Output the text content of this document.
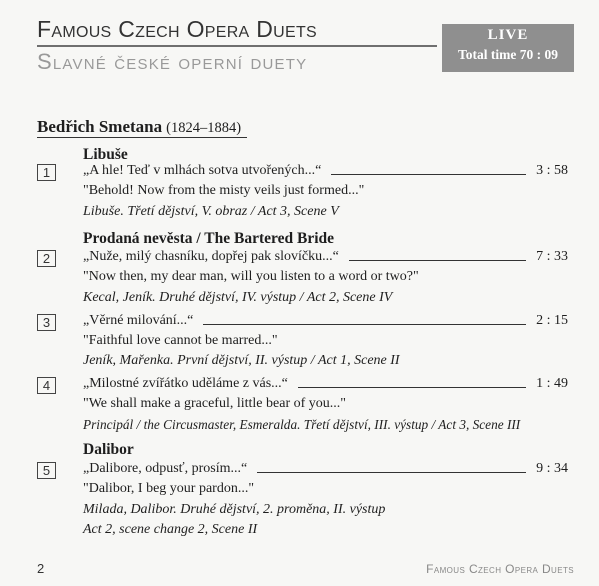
Famous Czech Opera Duets
Slavné české operní duety
LIVE
Total time 70 : 09
Bedřich Smetana (1824–1884)
Libuše
1	„A hle! Teď v mlhách sotva utvořených...“	3 : 58
"Behold! Now from the misty veils just formed..."
Libuše. Třetí dějství, V. obraz / Act 3, Scene V
Prodaná nevěsta / The Bartered Bride
2	„Nuže, milý chasníku, dopřej pak slovíčku...“	7 : 33
"Now then, my dear man, will you listen to a word or two?"
Kecal, Jeník. Druhé dějství, IV. výstup / Act 2, Scene IV
3	„Věrné milování...“	2 : 15
"Faithful love cannot be marred..."
Jeník, Mařenka. První dějství, II. výstup / Act 1, Scene II
4	„Milostné zvířátko uděláme z vás...“	1 : 49
"We shall make a graceful, little bear of you..."
Principál / the Circusmaster, Esmeralda. Třetí dějství, III. výstup / Act 3, Scene III
Dalibor
5	„Dalibore, odpusť, prosím...“	9 : 34
"Dalibor, I beg your pardon..."
Milada, Dalibor. Druhé dějství, 2. proměna, II. výstup
Act 2, scene change 2, Scene II
2	Famous Czech Opera Duets
